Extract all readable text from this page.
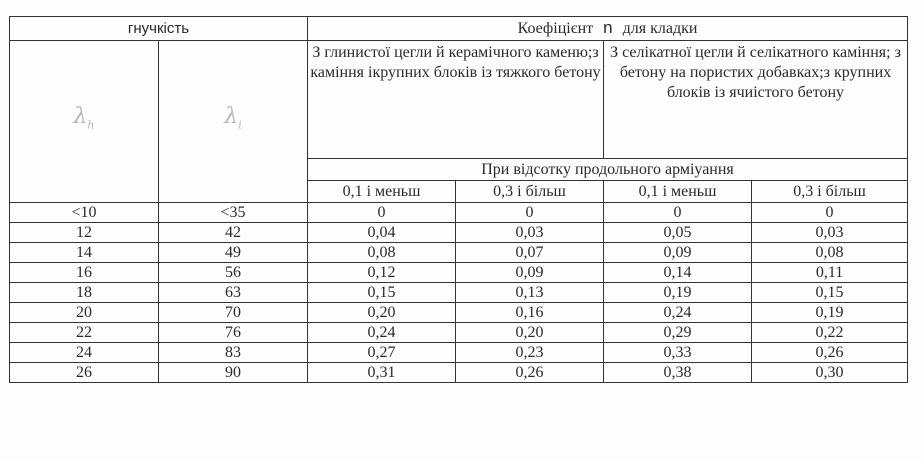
гнучкість		Коефіцієнт n для кладки			
$\lambda_h$	$\lambda_i$	З глинистої цегли й керамічного каменю;з каміння ікрупних блоків із тяжкого бетону		З селікатної цегли й селікатного каміння; з бетону на пористих добавках;з крупних блоків із ячиістого бетону	
		При відсотку продольного арміуання			
		0,1 і меньш	0,3 і більш	0,1 і меньш	0,3 і більш
<10	<35	0	0	0	0
12	42	0,04	0,03	0,05	0,03
14	49	0,08	0,07	0,09	0,08
16	56	0,12	0,09	0,14	0,11
18	63	0,15	0,13	0,19	0,15
20	70	0,20	0,16	0,24	0,19
22	76	0,24	0,20	0,29	0,22
24	83	0,27	0,23	0,33	0,26
26	90	0,31	0,26	0,38	0,30
